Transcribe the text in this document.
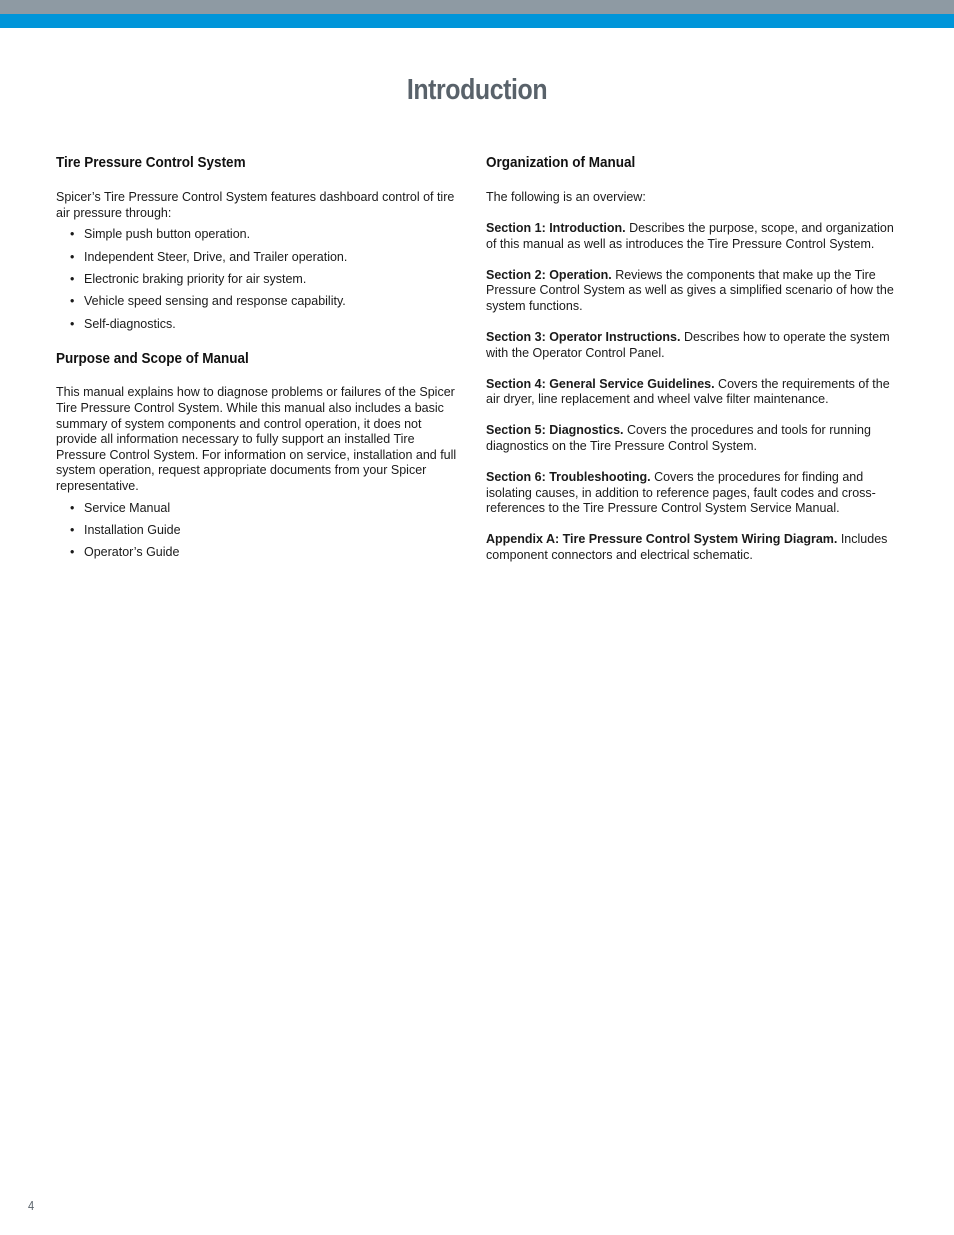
Introduction
Tire Pressure Control System

Spicer’s Tire Pressure Control System features dashboard control of tire air pressure through:

• Simple push button operation.
• Independent Steer, Drive, and Trailer operation.
• Electronic braking priority for air system.
• Vehicle speed sensing and response capability.
• Self-diagnostics.
Purpose and Scope of Manual

This manual explains how to diagnose problems or failures of the Spicer Tire Pressure Control System. While this manual also includes a basic summary of system components and control operation, it does not provide all information necessary to fully support an installed Tire Pressure Control System. For information on service, installation and full system operation, request appropriate documents from your Spicer representative.

• Service Manual
• Installation Guide
• Operator’s Guide
Organization of Manual

The following is an overview:

Section 1: Introduction. Describes the purpose, scope, and organization of this manual as well as introduces the Tire Pressure Control System.

Section 2: Operation. Reviews the components that make up the Tire Pressure Control System as well as gives a simplified scenario of how the system functions.

Section 3: Operator Instructions. Describes how to operate the system with the Operator Control Panel.

Section 4: General Service Guidelines. Covers the requirements of the air dryer, line replacement and wheel valve filter maintenance.

Section 5: Diagnostics. Covers the procedures and tools for running diagnostics on the Tire Pressure Control System.

Section 6: Troubleshooting. Covers the procedures for finding and isolating causes, in addition to reference pages, fault codes and cross-references to the Tire Pressure Control System Service Manual.

Appendix A: Tire Pressure Control System Wiring Diagram. Includes component connectors and electrical schematic.

4
